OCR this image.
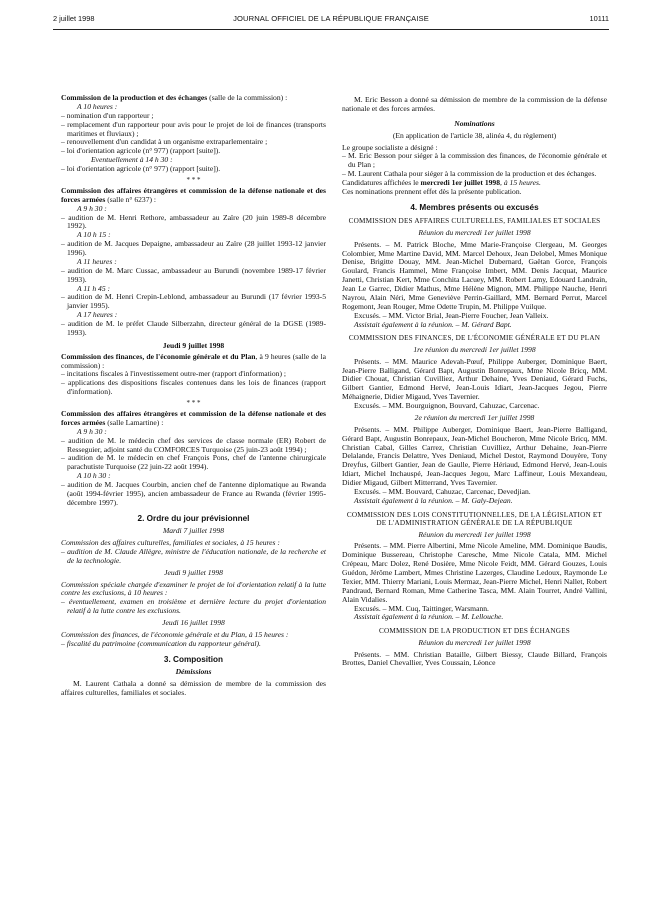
2 juillet 1998	JOURNAL OFFICIEL DE LA RÉPUBLIQUE FRANÇAISE	10111

Commission de la production et des échanges (salle de la commission) :

A 10 heures :

– nomination d'un rapporteur ;

– remplacement d'un rapporteur pour avis pour le projet de loi de finances (transports maritimes et fluviaux) ;

– renouvellement d'un candidat à un organisme extraparlementaire ;

– loi d'orientation agricole (n° 977) (rapport [suite]).

Eventuellement à 14 h 30 :

– loi d'orientation agricole (n° 977) (rapport [suite]).

* * *

Commission des affaires étrangères et commission de la défense nationale et des forces armées (salle n° 6237) :

A 9 h 30 :

– audition de M. Henri Rethore, ambassadeur au Zaïre (20 juin 1989-8 décembre 1992).

A 10 h 15 :

– audition de M. Jacques Depaigne, ambassadeur au Zaïre (28 juillet 1993-12 janvier 1996).

A 11 heures :

– audition de M. Marc Cussac, ambassadeur au Burundi (novembre 1989-17 février 1993).

A 11 h 45 :

– audition de M. Henri Crepin-Leblond, ambassadeur au Burundi (17 février 1993-5 janvier 1995).

A 17 heures :

– audition de M. le préfet Claude Silberzahn, directeur général de la DGSE (1989-1993).

Jeudi 9 juillet 1998

Commission des finances, de l'économie générale et du Plan, à 9 heures (salle de la commission) :

– incitations fiscales à l'investissement outre-mer (rapport d'information) ;

– applications des dispositions fiscales contenues dans les lois de finances (rapport d'information).

* * *

Commission des affaires étrangères et commission de la défense nationale et des forces armées (salle Lamartine) :

A 9 h 30 :

– audition de M. le médecin chef des services de classe normale (ER) Robert de Resseguier, adjoint santé du COMFORCES Turquoise (25 juin-23 août 1994) ;

– audition de M. le médecin en chef François Pons, chef de l'antenne chirurgicale parachutiste Turquoise (22 juin-22 août 1994).

A 10 h 30 :

– audition de M. Jacques Courbin, ancien chef de l'antenne diplomatique au Rwanda (août 1994-février 1995), ancien ambassadeur de France au Rwanda (février 1995-décembre 1997).

2. Ordre du jour prévisionnel

Mardi 7 juillet 1998

Commission des affaires culturelles, familiales et sociales, à 15 heures :

– audition de M. Claude Allègre, ministre de l'éducation nationale, de la recherche et de la technologie.

Jeudi 9 juillet 1998

Commission spéciale chargée d'examiner le projet de loi d'orientation relatif à la lutte contre les exclusions, à 10 heures :

– éventuellement, examen en troisième et dernière lecture du projet d'orientation relatif à la lutte contre les exclusions.

Jeudi 16 juillet 1998

Commission des finances, de l'économie générale et du Plan, à 15 heures :

– fiscalité du patrimoine (communication du rapporteur général).

3. Composition

Démissions

M. Laurent Cathala a donné sa démission de membre de la commission des affaires culturelles, familiales et sociales.

M. Eric Besson a donné sa démission de membre de la commission de la défense nationale et des forces armées.

Nominations

(En application de l'article 38, alinéa 4, du règlement)

Le groupe socialiste a désigné :

– M. Eric Besson pour siéger à la commission des finances, de l'économie générale et du Plan ;

– M. Laurent Cathala pour siéger à la commission de la production et des échanges.

Candidatures affichées le mercredi 1er juillet 1998, à 15 heures.

Ces nominations prennent effet dès la présente publication.

4. Membres présents ou excusés

COMMISSION DES AFFAIRES CULTURELLES, FAMILIALES ET SOCIALES

Réunion du mercredi 1er juillet 1998

Présents. – M. Patrick Bloche, Mme Marie-Françoise Clergeau, M. Georges Colombier, Mme Martine David, MM. Marcel Dehoux, Jean Delobel, Mmes Monique Denise, Brigitte Douay, MM. Jean-Michel Dubernard, Gaëtan Gorce, François Goulard, Francis Hammel, Mme Françoise Imbert, MM. Denis Jacquat, Maurice Janetti, Christian Kert, Mme Conchita Lacuey, MM. Robert Lamy, Edouard Landrain, Jean Le Garrec, Didier Mathus, Mme Hélène Mignon, MM. Philippe Nauche, Henri Nayrou, Alain Néri, Mme Geneviève Perrin-Gaillard, MM. Bernard Perrut, Marcel Rogemont, Jean Rouger, Mme Odette Trupin, M. Philippe Vuilque.

Excusés. – MM. Victor Brial, Jean-Pierre Foucher, Jean Valleix.

Assistait également à la réunion. – M. Gérard Bapt.

COMMISSION DES FINANCES, DE L'ÉCONOMIE GÉNÉRALE ET DU PLAN

1re réunion du mercredi 1er juillet 1998

Présents. – MM. Maurice Adevah-Pœuf, Philippe Auberger, Dominique Baert, Jean-Pierre Balligand, Gérard Bapt, Augustin Bonrepaux, Mme Nicole Bricq, MM. Didier Chouat, Christian Cuvilliez, Arthur Dehaine, Yves Deniaud, Gérard Fuchs, Gilbert Gantier, Edmond Hervé, Jean-Louis Idiart, Jean-Jacques Jegou, Pierre Méhaignerie, Didier Migaud, Yves Tavernier.

Excusés. – MM. Bourguignon, Bouvard, Cahuzac, Carcenac.

2e réunion du mercredi 1er juillet 1998

Présents. – MM. Philippe Auberger, Dominique Baert, Jean-Pierre Balligand, Gérard Bapt, Augustin Bonrepaux, Jean-Michel Boucheron, Mme Nicole Bricq, MM. Christian Cabal, Gilles Carrez, Christian Cuvilliez, Arthur Dehaine, Jean-Pierre Delalande, Francis Delattre, Yves Deniaud, Michel Destot, Raymond Douyère, Tony Dreyfus, Gilbert Gantier, Jean de Gaulle, Pierre Hériaud, Edmond Hervé, Jean-Louis Idiart, Michel Inchauspé, Jean-Jacques Jegou, Marc Laffineur, Louis Mexandeau, Didier Migaud, Gilbert Mitterrand, Yves Tavernier.

Excusés. – MM. Bouvard, Cahuzac, Carcenac, Devedjian.

Assistait également à la réunion. – M. Galy-Dejean.

COMMISSION DES LOIS CONSTITUTIONNELLES, DE LA LÉGISLATION ET DE L'ADMINISTRATION GÉNÉRALE DE LA RÉPUBLIQUE

Réunion du mercredi 1er juillet 1998

Présents. – MM. Pierre Albertini, Mme Nicole Ameline, MM. Dominique Baudis, Dominique Bussereau, Christophe Caresche, Mme Nicole Catala, MM. Michel Crépeau, Marc Dolez, René Dosière, Mme Nicole Feidt, MM. Gérard Gouzes, Louis Guédon, Jérôme Lambert, Mmes Christine Lazerges, Claudine Ledoux, Raymonde Le Texier, MM. Thierry Mariani, Louis Mermaz, Jean-Pierre Michel, Henri Nallet, Robert Pandraud, Bernard Roman, Mme Catherine Tasca, MM. Alain Tourret, André Vallini, Alain Vidalies.

Excusés. – MM. Cuq, Taittinger, Warsmann.

Assistait également à la réunion. – M. Lellouche.

COMMISSION DE LA PRODUCTION ET DES ÉCHANGES

Réunion du mercredi 1er juillet 1998

Présents. – MM. Christian Bataille, Gilbert Biessy, Claude Billard, François Brottes, Daniel Chevallier, Yves Coussain, Léonce
